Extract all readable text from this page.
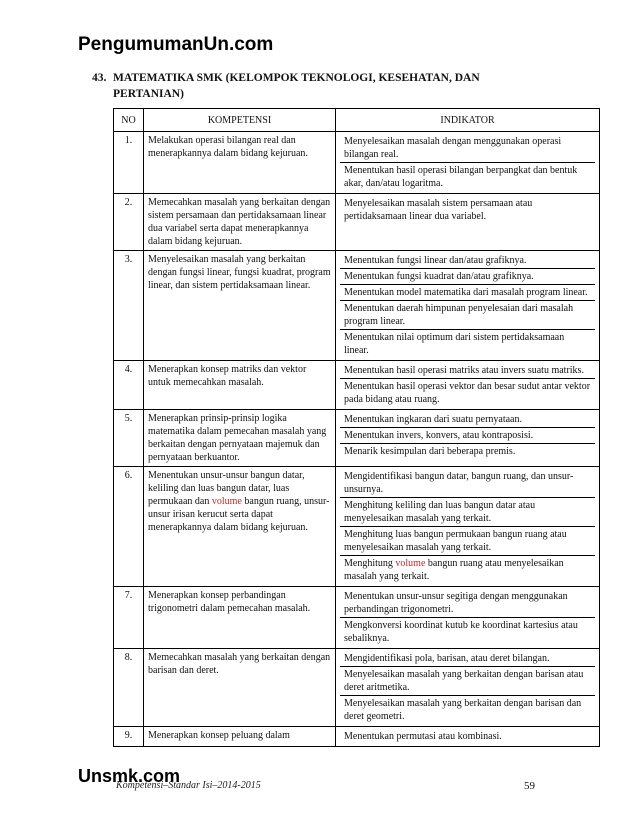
PengumumanUn.com
43. MATEMATIKA SMK (KELOMPOK TEKNOLOGI, KESEHATAN, DAN
PERTANIAN)
NO	KOMPETENSI	INDIKATOR
1.	Melakukan operasi bilangan real dan menerapkannya dalam bidang kejuruan.	Menyelesaikan masalah dengan menggunakan operasi bilangan real.
Menentukan hasil operasi bilangan berpangkat dan bentuk akar, dan/atau logaritma.

2.	Memecahkan masalah yang berkaitan dengan sistem persamaan dan pertidaksamaan linear dua variabel serta dapat menerapkannya dalam bidang kejuruan.	Menyelesaikan masalah sistem persamaan atau pertidaksamaan linear dua variabel.

3.	Menyelesaikan masalah yang berkaitan dengan fungsi linear, fungsi kuadrat, program linear, dan sistem pertidaksamaan linear.	Menentukan fungsi linear dan/atau grafiknya.
Menentukan fungsi kuadrat dan/atau grafiknya.
Menentukan model matematika dari masalah program linear.
Menentukan daerah himpunan penyelesaian dari masalah program linear.
Menentukan nilai optimum dari sistem pertidaksamaan linear.

4.	Menerapkan konsep matriks dan vektor untuk memecahkan masalah.	Menentukan hasil operasi matriks atau invers suatu matriks.
Menentukan hasil operasi vektor dan besar sudut antar vektor pada bidang atau ruang.

5.	Menerapkan prinsip-prinsip logika matematika dalam pemecahan masalah yang berkaitan dengan pernyataan majemuk dan pernyataan berkuantor.	Menentukan ingkaran dari suatu pernyataan.
Menentukan invers, konvers, atau kontraposisi.
Menarik kesimpulan dari beberapa premis.

6.	Menentukan unsur-unsur bangun datar, keliling dan luas bangun datar, luas permukaan dan volume bangun ruang, unsur-unsur irisan kerucut serta dapat menerapkannya dalam bidang kejuruan.	Mengidentifikasi bangun datar, bangun ruang, dan unsur-unsurnya.
Menghitung keliling dan luas bangun datar atau menyelesaikan masalah yang terkait.
Menghitung luas bangun permukaan bangun ruang atau menyelesaikan masalah yang terkait.
Menghitung volume bangun ruang atau menyelesaikan masalah yang terkait.

7.	Menerapkan konsep perbandingan trigonometri dalam pemecahan masalah.	Menentukan unsur-unsur segitiga dengan menggunakan perbandingan trigonometri.
Mengkonversi koordinat kutub ke koordinat kartesius atau sebaliknya.

8.	Memecahkan masalah yang berkaitan dengan barisan dan deret.	Mengidentifikasi pola, barisan, atau deret bilangan.
Menyelesaikan masalah yang berkaitan dengan barisan atau deret aritmetika.
Menyelesaikan masalah yang berkaitan dengan barisan dan deret geometri.

9.	Menerapkan konsep peluang dalam	Menentukan permutasi atau kombinasi.
Unsmk.com
Kompetensi–Standar Isi–2014-2015	59
